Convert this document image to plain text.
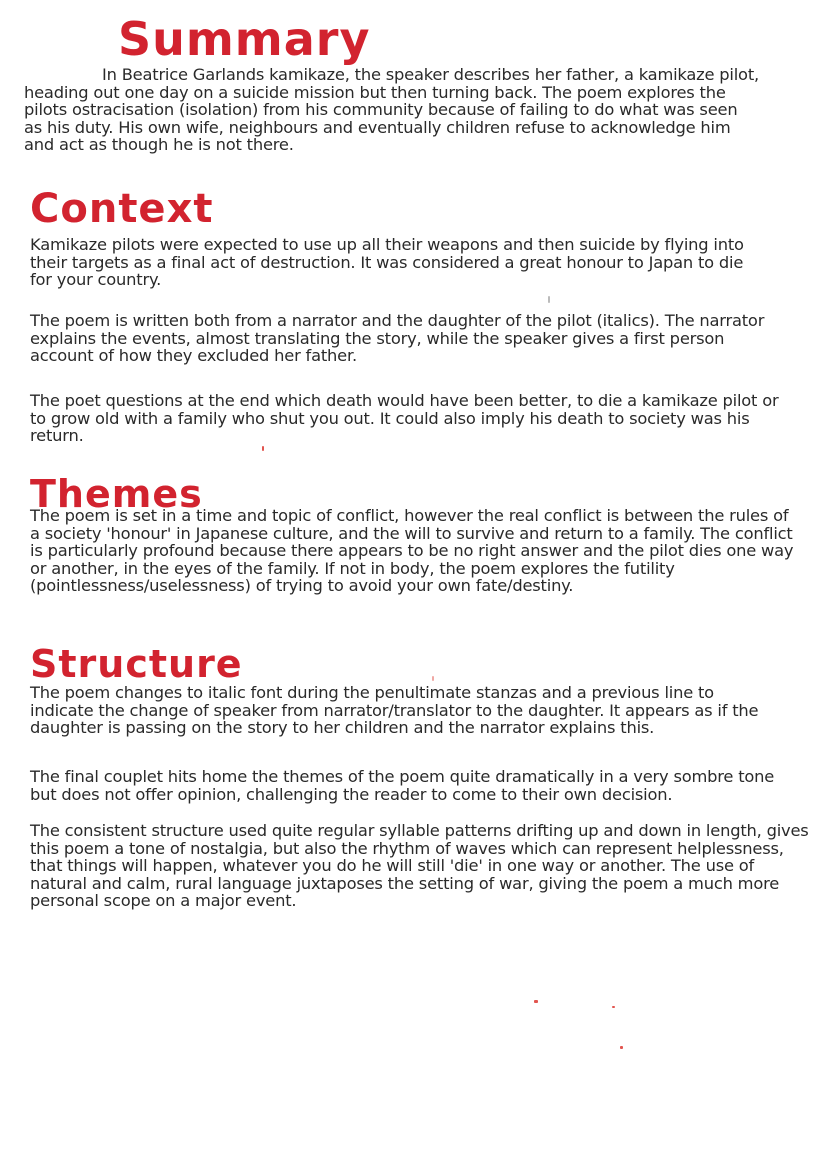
Summary

In Beatrice Garlands kamikaze, the speaker describes her father, a kamikaze pilot, heading out one day on a suicide mission but then turning back. The poem explores the pilots ostracisation (isolation) from his community because of failing to do what was seen as his duty. His own wife, neighbours and eventually children refuse to acknowledge him and act as though he is not there.

Context

Kamikaze pilots were expected to use up all their weapons and then suicide by flying into their targets as a final act of destruction. It was considered a great honour to Japan to die for your country.

The poem is written both from a narrator and the daughter of the pilot (italics). The narrator explains the events, almost translating the story, while the speaker gives a first person account of how they excluded her father.

The poet questions at the end which death would have been better, to die a kamikaze pilot or to grow old with a family who shut you out. It could also imply his death to society was his return.

Themes

The poem is set in a time and topic of conflict, however the real conflict is between the rules of a society 'honour' in Japanese culture, and the will to survive and return to a family. The conflict is particularly profound because there appears to be no right answer and the pilot dies one way or another, in the eyes of the family. If not in body, the poem explores the futility (pointlessness/uselessness) of trying to avoid your own fate/destiny.

Structure

The poem changes to italic font during the penultimate stanzas and a previous line to indicate the change of speaker from narrator/translator to the daughter. It appears as if the daughter is passing on the story to her children and the narrator explains this.

The final couplet hits home the themes of the poem quite dramatically in a very sombre tone but does not offer opinion, challenging the reader to come to their own decision.

The consistent structure used quite regular syllable patterns drifting up and down in length, gives this poem a tone of nostalgia, but also the rhythm of waves which can represent helplessness, that things will happen, whatever you do he will still 'die' in one way or another. The use of natural and calm, rural language juxtaposes the setting of war, giving the poem a much more personal scope on a major event.
